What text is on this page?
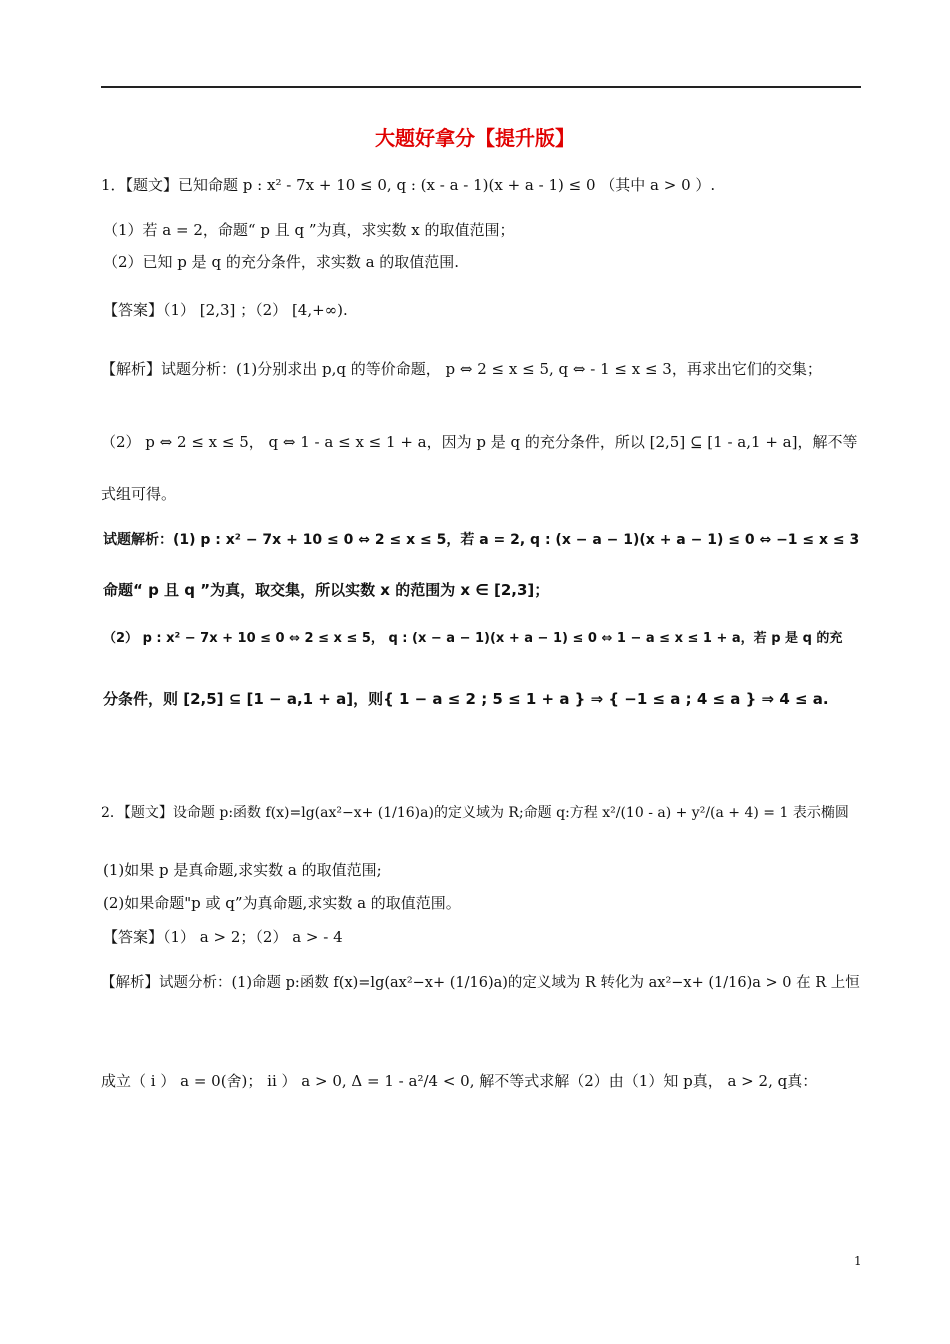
大题好拿分【提升版】
1．【题文】已知命题 p : x² - 7x + 10 ≤ 0, q : (x - a - 1)(x + a - 1) ≤ 0 （其中 a > 0 ）.
（1）若 a = 2，命题“ p 且 q ”为真，求实数 x 的取值范围；
（2）已知 p 是 q 的充分条件，求实数 a 的取值范围.
【答案】（1） [2,3] ；（2） [4,+∞).
【解析】试题分析：(1)分别求出 p,q 的等价命题， p ⇔ 2 ≤ x ≤ 5, q ⇔ - 1 ≤ x ≤ 3，再求出它们的交集；
（2） p ⇔ 2 ≤ x ≤ 5， q ⇔ 1 - a ≤ x ≤ 1 + a，因为 p 是 q 的充分条件，所以 [2,5] ⊆ [1 - a,1 + a]，解不等
式组可得。
试题解析：(1) p : x² − 7x + 10 ≤ 0 ⇔ 2 ≤ x ≤ 5，若 a = 2, q : (x − a − 1)(x + a − 1) ≤ 0 ⇔ −1 ≤ x ≤ 3
命题“ p 且 q ”为真，取交集，所以实数 x 的范围为 x ∈ [2,3]；
（2） p : x² − 7x + 10 ≤ 0 ⇔ 2 ≤ x ≤ 5， q : (x − a − 1)(x + a − 1) ≤ 0 ⇔ 1 − a ≤ x ≤ 1 + a，若 p 是 q 的充
分条件，则 [2,5] ⊆ [1 − a,1 + a]，则{ 1 − a ≤ 2 ; 5 ≤ 1 + a } ⇒ { −1 ≤ a ; 4 ≤ a } ⇒ 4 ≤ a.
2．【题文】设命题 p:函数 f(x)=lg(ax²−x+ (1/16)a)的定义域为 R;命题 q:方程 x²/(10 - a) + y²/(a + 4) = 1 表示椭圆
(1)如果 p 是真命题,求实数 a 的取值范围;
(2)如果命题"p 或 q”为真命题,求实数 a 的取值范围。
【答案】（1） a > 2；（2） a > - 4
【解析】试题分析：(1)命题 p:函数 f(x)=lg(ax²−x+ (1/16)a)的定义域为 R 转化为 ax²−x+ (1/16)a > 0 在 R 上恒
成立（ i ） a = 0(舍)； ii ） a > 0, Δ = 1 - a²/4 < 0, 解不等式求解（2）由（1）知 p真， a > 2, q真：
1
